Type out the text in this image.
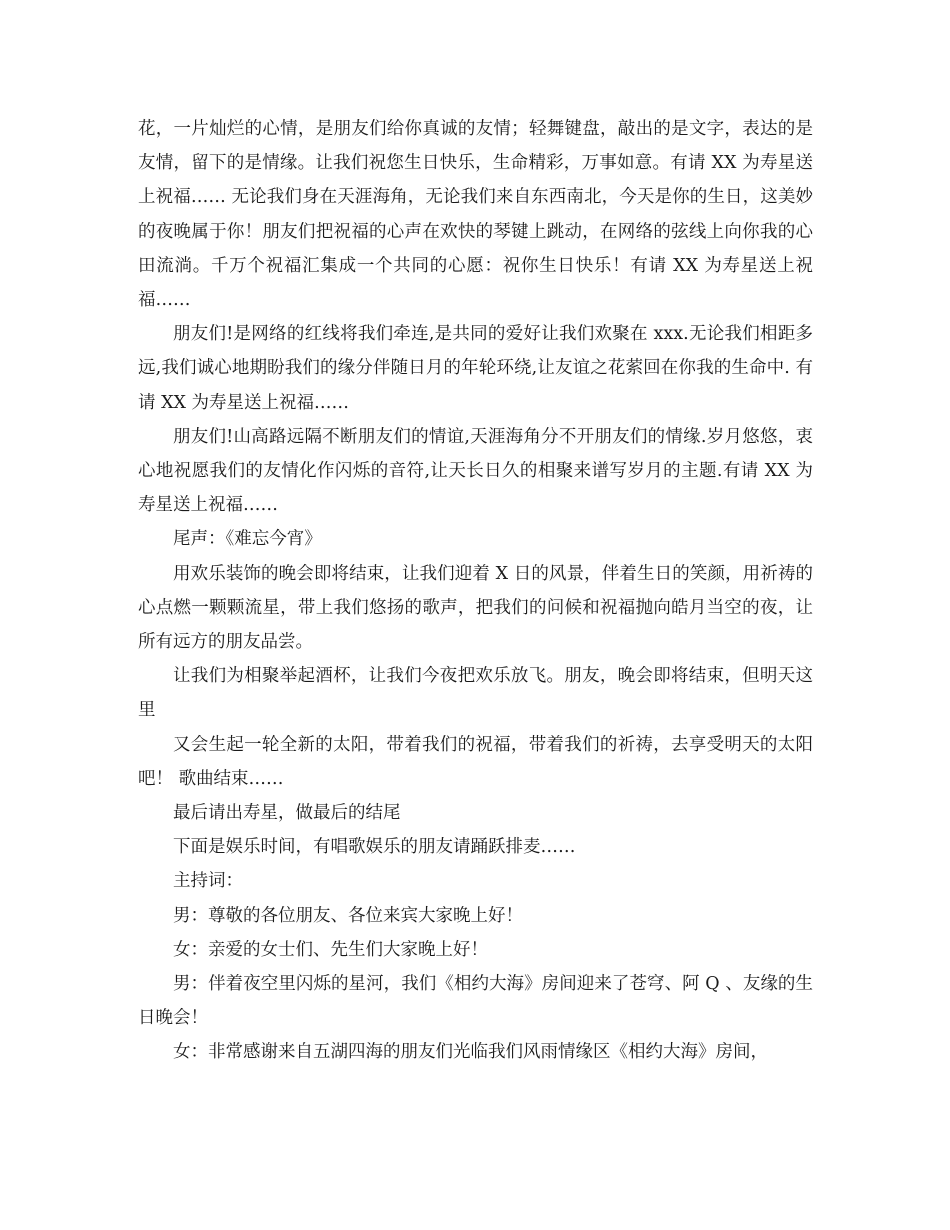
花，一片灿烂的心情，是朋友们给你真诚的友情；轻舞键盘，敲出的是文字，表达的是友情，留下的是情缘。让我们祝您生日快乐，生命精彩，万事如意。有请 XX 为寿星送上祝福…… 无论我们身在天涯海角，无论我们来自东西南北，今天是你的生日，这美妙的夜晚属于你！朋友们把祝福的心声在欢快的琴键上跳动，在网络的弦线上向你我的心田流淌。千万个祝福汇集成一个共同的心愿：祝你生日快乐！有请 XX 为寿星送上祝福……

朋友们!是网络的红线将我们牵连,是共同的爱好让我们欢聚在 xxx.无论我们相距多远,我们诚心地期盼我们的缘分伴随日月的年轮环绕,让友谊之花萦回在你我的生命中. 有请 XX 为寿星送上祝福……

朋友们!山高路远隔不断朋友们的情谊,天涯海角分不开朋友们的情缘.岁月悠悠，衷心地祝愿我们的友情化作闪烁的音符,让天长日久的相聚来谱写岁月的主题.有请 XX 为寿星送上祝福……

尾声：《难忘今宵》

用欢乐装饰的晚会即将结束，让我们迎着 X 日的风景，伴着生日的笑颜，用祈祷的心点燃一颗颗流星，带上我们悠扬的歌声，把我们的问候和祝福抛向皓月当空的夜，让所有远方的朋友品尝。

让我们为相聚举起酒杯，让我们今夜把欢乐放飞。朋友，晚会即将结束，但明天这里

又会生起一轮全新的太阳，带着我们的祝福，带着我们的祈祷，去享受明天的太阳吧！ 歌曲结束……

最后请出寿星，做最后的结尾

下面是娱乐时间，有唱歌娱乐的朋友请踊跃排麦……

主持词：

男：尊敬的各位朋友、各位来宾大家晚上好！

女：亲爱的女士们、先生们大家晚上好！

男：伴着夜空里闪烁的星河，我们《相约大海》房间迎来了苍穹、阿 Q 、友缘的生日晚会！

女：非常感谢来自五湖四海的朋友们光临我们风雨情缘区《相约大海》房间，
